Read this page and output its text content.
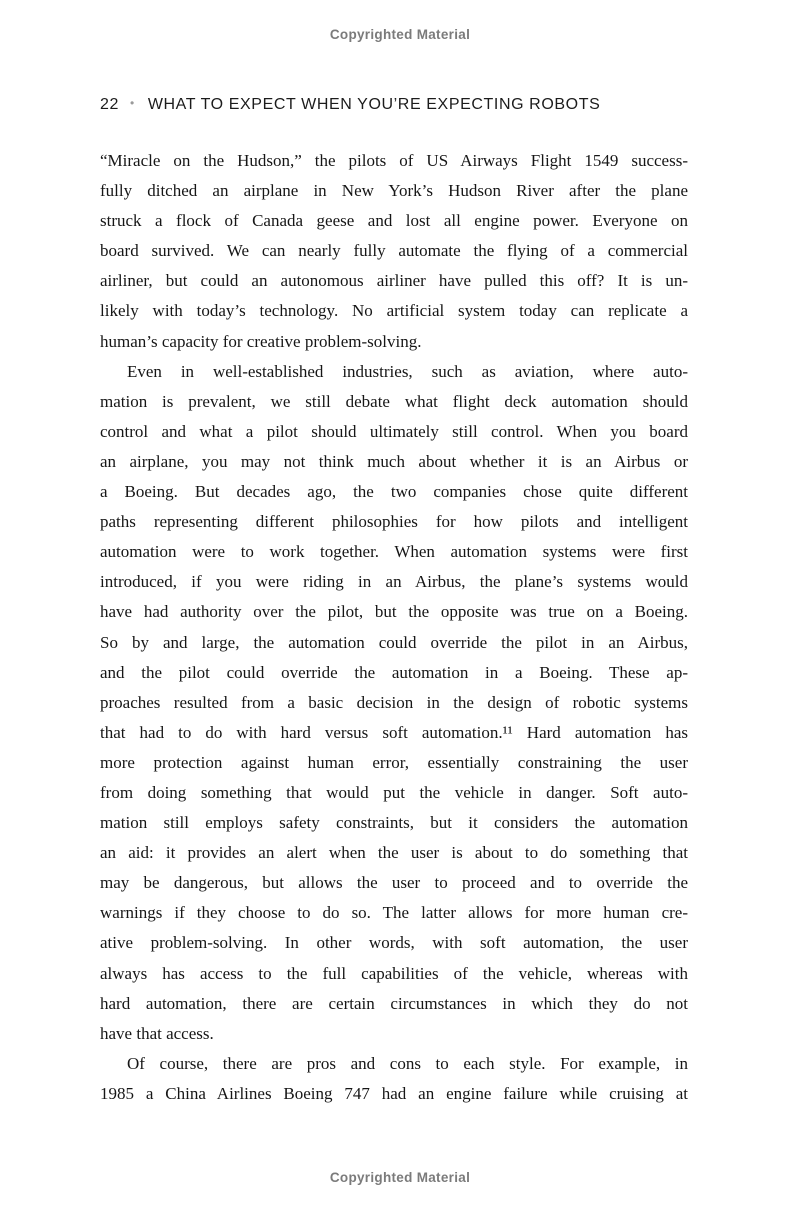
Copyrighted Material
22 • WHAT TO EXPECT WHEN YOU’RE EXPECTING ROBOTS
“Miracle on the Hudson,” the pilots of US Airways Flight 1549 success-
fully ditched an airplane in New York’s Hudson River after the plane
struck a flock of Canada geese and lost all engine power. Everyone on
board survived. We can nearly fully automate the flying of a commercial
airliner, but could an autonomous airliner have pulled this off? It is un-
likely with today’s technology. No artificial system today can replicate a
human’s capacity for creative problem-solving.
Even in well-established industries, such as aviation, where auto-
mation is prevalent, we still debate what flight deck automation should
control and what a pilot should ultimately still control. When you board
an airplane, you may not think much about whether it is an Airbus or
a Boeing. But decades ago, the two companies chose quite different
paths representing different philosophies for how pilots and intelligent
automation were to work together. When automation systems were first
introduced, if you were riding in an Airbus, the plane’s systems would
have had authority over the pilot, but the opposite was true on a Boeing.
So by and large, the automation could override the pilot in an Airbus,
and the pilot could override the automation in a Boeing. These ap-
proaches resulted from a basic decision in the design of robotic systems
that had to do with hard versus soft automation.¹¹ Hard automation has
more protection against human error, essentially constraining the user
from doing something that would put the vehicle in danger. Soft auto-
mation still employs safety constraints, but it considers the automation
an aid: it provides an alert when the user is about to do something that
may be dangerous, but allows the user to proceed and to override the
warnings if they choose to do so. The latter allows for more human cre-
ative problem-solving. In other words, with soft automation, the user
always has access to the full capabilities of the vehicle, whereas with
hard automation, there are certain circumstances in which they do not
have that access.
Of course, there are pros and cons to each style. For example, in
1985 a China Airlines Boeing 747 had an engine failure while cruising at
Copyrighted Material
